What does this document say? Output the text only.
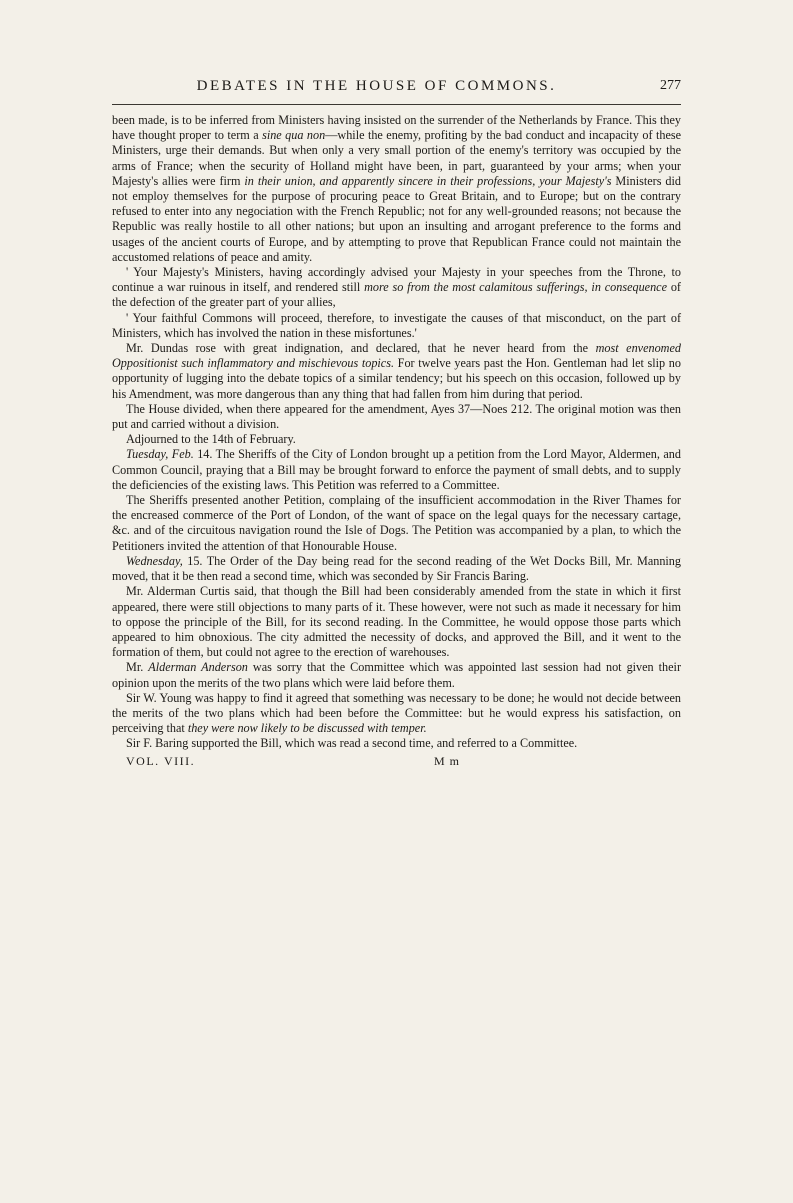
DEBATES IN THE HOUSE OF COMMONS.	277

been made, is to be inferred from Ministers having insisted on the surrender of the Netherlands by France. This they have thought proper to term a sine qua non—while the enemy, profiting by the bad conduct and incapacity of these Ministers, urge their demands. But when only a very small portion of the enemy's territory was occupied by the arms of France; when the security of Holland might have been, in part, guaranteed by your arms; when your Majesty's allies were firm in their union, and apparently sincere in their professions, your Majesty's Ministers did not employ themselves for the purpose of procuring peace to Great Britain, and to Europe; but on the contrary refused to enter into any negociation with the French Republic; not for any well-grounded reasons; not because the Republic was really hostile to all other nations; but upon an insulting and arrogant preference to the forms and usages of the ancient courts of Europe, and by attempting to prove that Republican France could not maintain the accustomed relations of peace and amity.

' Your Majesty's Ministers, having accordingly advised your Majesty in your speeches from the Throne, to continue a war ruinous in itself, and rendered still more so from the most calamitous sufferings, in consequence of the defection of the greater part of your allies,

' Your faithful Commons will proceed, therefore, to investigate the causes of that misconduct, on the part of Ministers, which has involved the nation in these misfortunes.'

Mr. Dundas rose with great indignation, and declared, that he never heard from the most envenomed Oppositionist such inflammatory and mischievous topics. For twelve years past the Hon. Gentleman had let slip no opportunity of lugging into the debate topics of a similar tendency; but his speech on this occasion, followed up by his Amendment, was more dangerous than any thing that had fallen from him during that period.

The House divided, when there appeared for the amendment, Ayes 37—Noes 212. The original motion was then put and carried without a division.

Adjourned to the 14th of February.

Tuesday, Feb. 14. The Sheriffs of the City of London brought up a petition from the Lord Mayor, Aldermen, and Common Council, praying that a Bill may be brought forward to enforce the payment of small debts, and to supply the deficiencies of the existing laws. This Petition was referred to a Committee.

The Sheriffs presented another Petition, complaing of the insufficient accommodation in the River Thames for the encreased commerce of the Port of London, of the want of space on the legal quays for the necessary cartage, &c. and of the circuitous navigation round the Isle of Dogs. The Petition was accompanied by a plan, to which the Petitioners invited the attention of that Honourable House.

Wednesday, 15. The Order of the Day being read for the second reading of the Wet Docks Bill, Mr. Manning moved, that it be then read a second time, which was seconded by Sir Francis Baring.

Mr. Alderman Curtis said, that though the Bill had been considerably amended from the state in which it first appeared, there were still objections to many parts of it. These however, were not such as made it necessary for him to oppose the principle of the Bill, for its second reading. In the Committee, he would oppose those parts which appeared to him obnoxious. The city admitted the necessity of docks, and approved the Bill, and it went to the formation of them, but could not agree to the erection of warehouses.

Mr. Alderman Anderson was sorry that the Committee which was appointed last session had not given their opinion upon the merits of the two plans which were laid before them.

Sir W. Young was happy to find it agreed that something was necessary to be done; he would not decide between the merits of the two plans which had been before the Committee: but he would express his satisfaction, on perceiving that they were now likely to be discussed with temper.

Sir F. Baring supported the Bill, which was read a second time, and referred to a Committee.

VOL. VIII.	M m
